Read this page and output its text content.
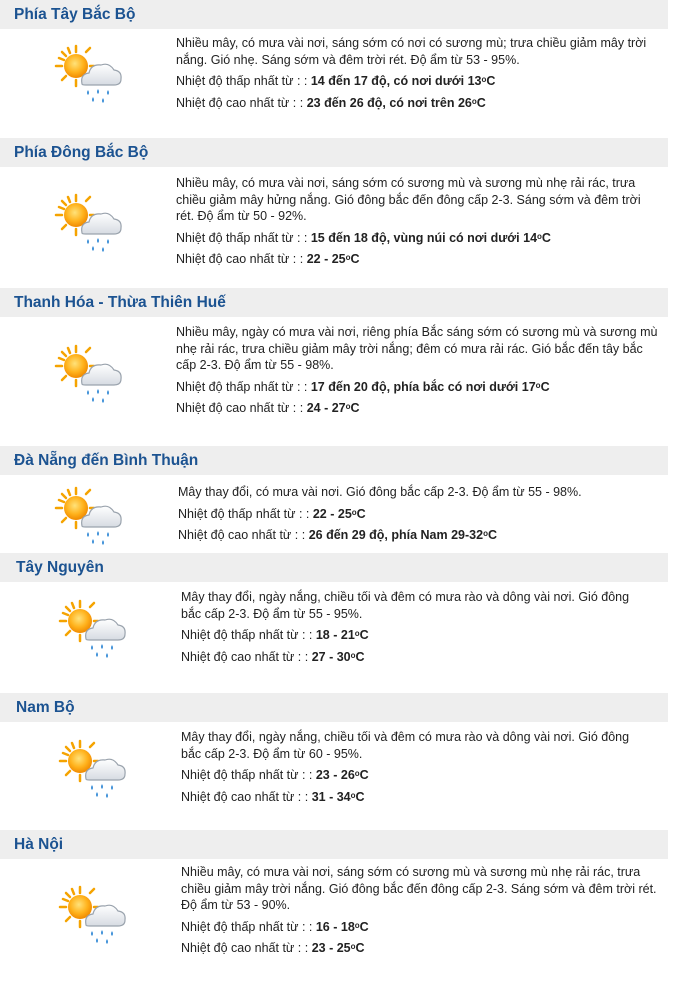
Phía Tây Bắc Bộ

Nhiều mây, có mưa vài nơi, sáng sớm có nơi có sương mù; trưa chiều giảm mây trời nắng. Gió nhẹ. Sáng sớm và đêm trời rét. Độ ẩm từ 53 - 95%.

Nhiệt độ thấp nhất từ : : 14 đến 17 độ, có nơi dưới 13$^o$C
Nhiệt độ cao nhất từ : : 23 đến 26 độ, có nơi trên 26$^o$C
Phía Đông Bắc Bộ

Nhiều mây, có mưa vài nơi, sáng sớm có sương mù và sương mù nhẹ rải rác, trưa chiều giảm mây hửng nắng. Gió đông bắc đến đông cấp 2-3. Sáng sớm và đêm trời rét. Độ ẩm từ 50 - 92%.

Nhiệt độ thấp nhất từ : : 15 đến 18 độ, vùng núi có nơi dưới 14$^o$C
Nhiệt độ cao nhất từ : : 22 - 25$^o$C
Thanh Hóa - Thừa Thiên Huế

Nhiều mây, ngày có mưa vài nơi, riêng phía Bắc sáng sớm có sương mù và sương mù nhẹ rải rác, trưa chiều giảm mây trời nắng; đêm có mưa rải rác. Gió bắc đến tây bắc cấp 2-3. Độ ẩm từ 55 - 98%.

Nhiệt độ thấp nhất từ : : 17 đến 20 độ, phía bắc có nơi dưới 17$^o$C
Nhiệt độ cao nhất từ : : 24 - 27$^o$C
Đà Nẵng đến Bình Thuận

Mây thay đổi, có mưa vài nơi. Gió đông bắc cấp 2-3. Độ ẩm từ 55 - 98%.

Nhiệt độ thấp nhất từ : : 22 - 25$^o$C
Nhiệt độ cao nhất từ : : 26 đến 29 độ, phía Nam 29-32$^o$C
Tây Nguyên

Mây thay đổi, ngày nắng, chiều tối và đêm có mưa rào và dông vài nơi. Gió đông bắc cấp 2-3. Độ ẩm từ 55 - 95%.

Nhiệt độ thấp nhất từ : : 18 - 21$^o$C
Nhiệt độ cao nhất từ : : 27 - 30$^o$C
Nam Bộ

Mây thay đổi, ngày nắng, chiều tối và đêm có mưa rào và dông vài nơi. Gió đông bắc cấp 2-3. Độ ẩm từ 60 - 95%.

Nhiệt độ thấp nhất từ : : 23 - 26$^o$C
Nhiệt độ cao nhất từ : : 31 - 34$^o$C
Hà Nội

Nhiều mây, có mưa vài nơi, sáng sớm có sương mù và sương mù nhẹ rải rác, trưa chiều giảm mây trời nắng. Gió đông bắc đến đông cấp 2-3. Sáng sớm và đêm trời rét. Độ ẩm từ 53 - 90%.

Nhiệt độ thấp nhất từ : : 16 - 18$^o$C
Nhiệt độ cao nhất từ : : 23 - 25$^o$C
